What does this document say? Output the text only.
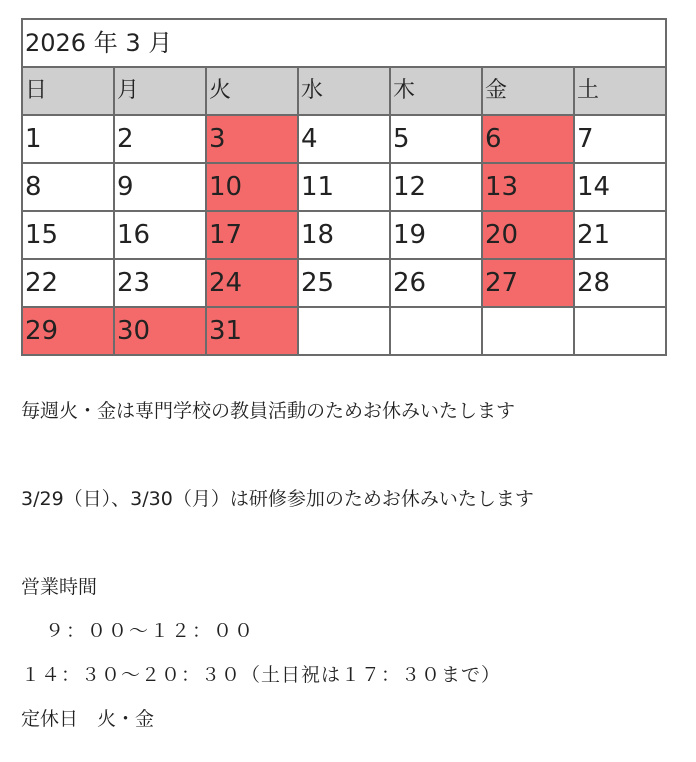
2026 年 3 月						
日	月	火	水	木	金	土
1	2	3	4	5	6	7
8	9	10	11	12	13	14
15	16	17	18	19	20	21
22	23	24	25	26	27	28
29	30	31				
毎週火・金は専門学校の教員活動のためお休みいたします
3/29（日）、3/30（月）は研修参加のためお休みいたします
営業時間
９：００〜１２：００
１４：３０〜２０：３０（土日祝は１７：３０まで）
定休日　火・金
